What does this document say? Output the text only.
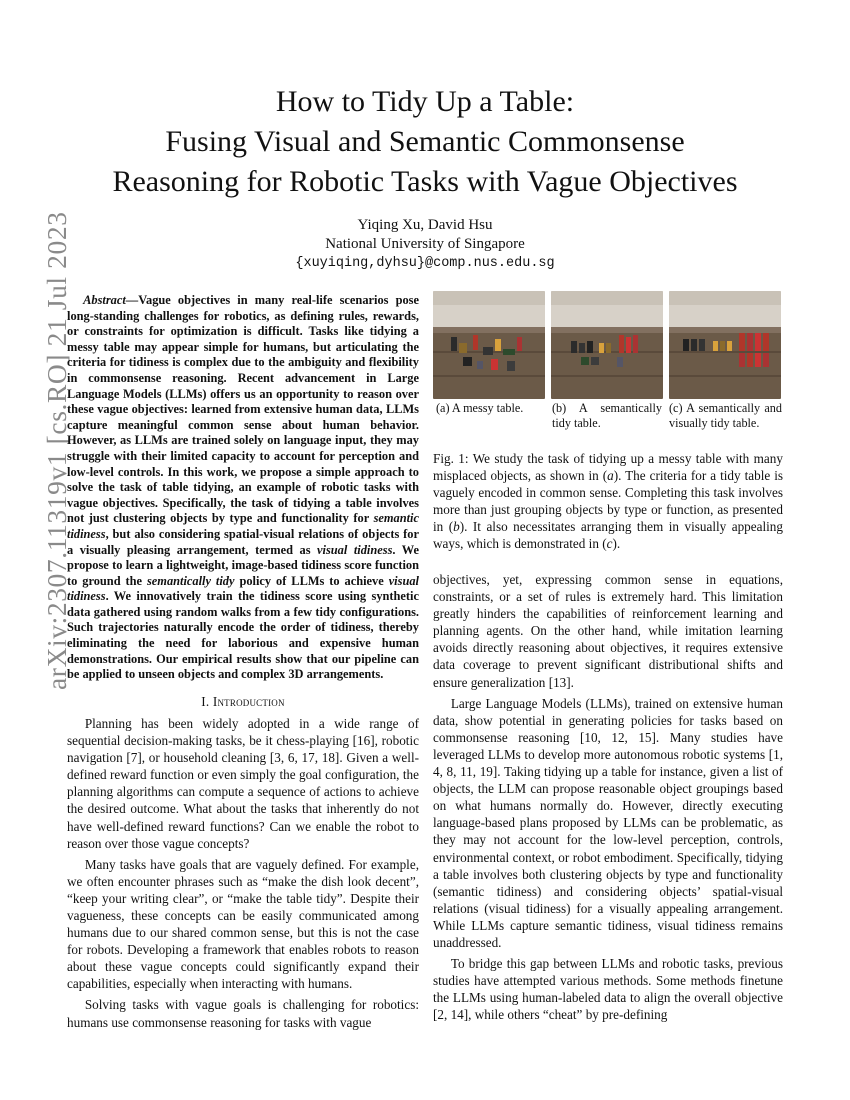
arXiv:2307.11319v1 [cs.RO] 21 Jul 2023
How to Tidy Up a Table:
Fusing Visual and Semantic Commonsense
Reasoning for Robotic Tasks with Vague Objectives
Yiqing Xu, David Hsu
National University of Singapore
{xuyiqing,dyhsu}@comp.nus.edu.sg

Abstract—Vague objectives in many real-life scenarios pose long-standing challenges for robotics, as defining rules, rewards, or constraints for optimization is difficult. Tasks like tidying a messy table may appear simple for humans, but articulating the criteria for tidiness is complex due to the ambiguity and flexibility in commonsense reasoning. Recent advancement in Large Language Models (LLMs) offers us an opportunity to reason over these vague objectives: learned from extensive human data, LLMs capture meaningful common sense about human behavior. However, as LLMs are trained solely on language input, they may struggle with their limited capacity to account for perception and low-level controls. In this work, we propose a simple approach to solve the task of table tidying, an example of robotic tasks with vague objectives. Specifically, the task of tidying a table involves not just clustering objects by type and functionality for semantic tidiness, but also considering spatial-visual relations of objects for a visually pleasing arrangement, termed as visual tidiness. We propose to learn a lightweight, image-based tidiness score function to ground the semantically tidy policy of LLMs to achieve visual tidiness. We innovatively train the tidiness score using synthetic data gathered using random walks from a few tidy configurations. Such trajectories naturally encode the order of tidiness, thereby eliminating the need for laborious and expensive human demonstrations. Our empirical results show that our pipeline can be applied to unseen objects and complex 3D arrangements.

I. Introduction

Planning has been widely adopted in a wide range of sequential decision-making tasks, be it chess-playing [16], robotic navigation [7], or household cleaning [3, 6, 17, 18]. Given a well-defined reward function or even simply the goal configuration, the planning algorithms can compute a sequence of actions to achieve the desired outcome. What about the tasks that inherently do not have well-defined reward functions? Can we enable the robot to reason over those vague concepts?

Many tasks have goals that are vaguely defined. For example, we often encounter phrases such as “make the dish look decent”, “keep your writing clear”, or “make the table tidy”. Despite their vagueness, these concepts can be easily communicated among humans due to our shared common sense, but this is not the case for robots. Developing a framework that enables robots to reason about these vague concepts could significantly expand their capabilities, especially when interacting with humans.

Solving tasks with vague goals is challenging for robotics: humans use commonsense reasoning for tasks with vague

(a) A messy table.	(b) A semantically tidy table.
(c) A semantically and visually tidy table.

Fig. 1: We study the task of tidying up a messy table with many misplaced objects, as shown in (a). The criteria for a tidy table is vaguely encoded in common sense. Completing this task involves more than just grouping objects by type or function, as presented in (b). It also necessitates arranging them in visually appealing ways, which is demonstrated in (c).

objectives, yet, expressing common sense in equations, constraints, or a set of rules is extremely hard. This limitation greatly hinders the capabilities of reinforcement learning and planning agents. On the other hand, while imitation learning avoids directly reasoning about objectives, it requires extensive data coverage to prevent significant distributional shifts and ensure generalization [13].

Large Language Models (LLMs), trained on extensive human data, show potential in generating policies for tasks based on commonsense reasoning [10, 12, 15]. Many studies have leveraged LLMs to develop more autonomous robotic systems [1, 4, 8, 11, 19]. Taking tidying up a table for instance, given a list of objects, the LLM can propose reasonable object groupings based on what humans normally do. However, directly executing language-based plans proposed by LLMs can be problematic, as they may not account for the low-level perception, controls, environmental context, or robot embodiment. Specifically, tidying a table involves both clustering objects by type and functionality (semantic tidiness) and considering objects’ spatial-visual relations (visual tidiness) for a visually appealing arrangement. While LLMs capture semantic tidiness, visual tidiness remains unaddressed.

To bridge this gap between LLMs and robotic tasks, previous studies have attempted various methods. Some methods finetune the LLMs using human-labeled data to align the overall objective [2, 14], while others “cheat” by pre-defining
